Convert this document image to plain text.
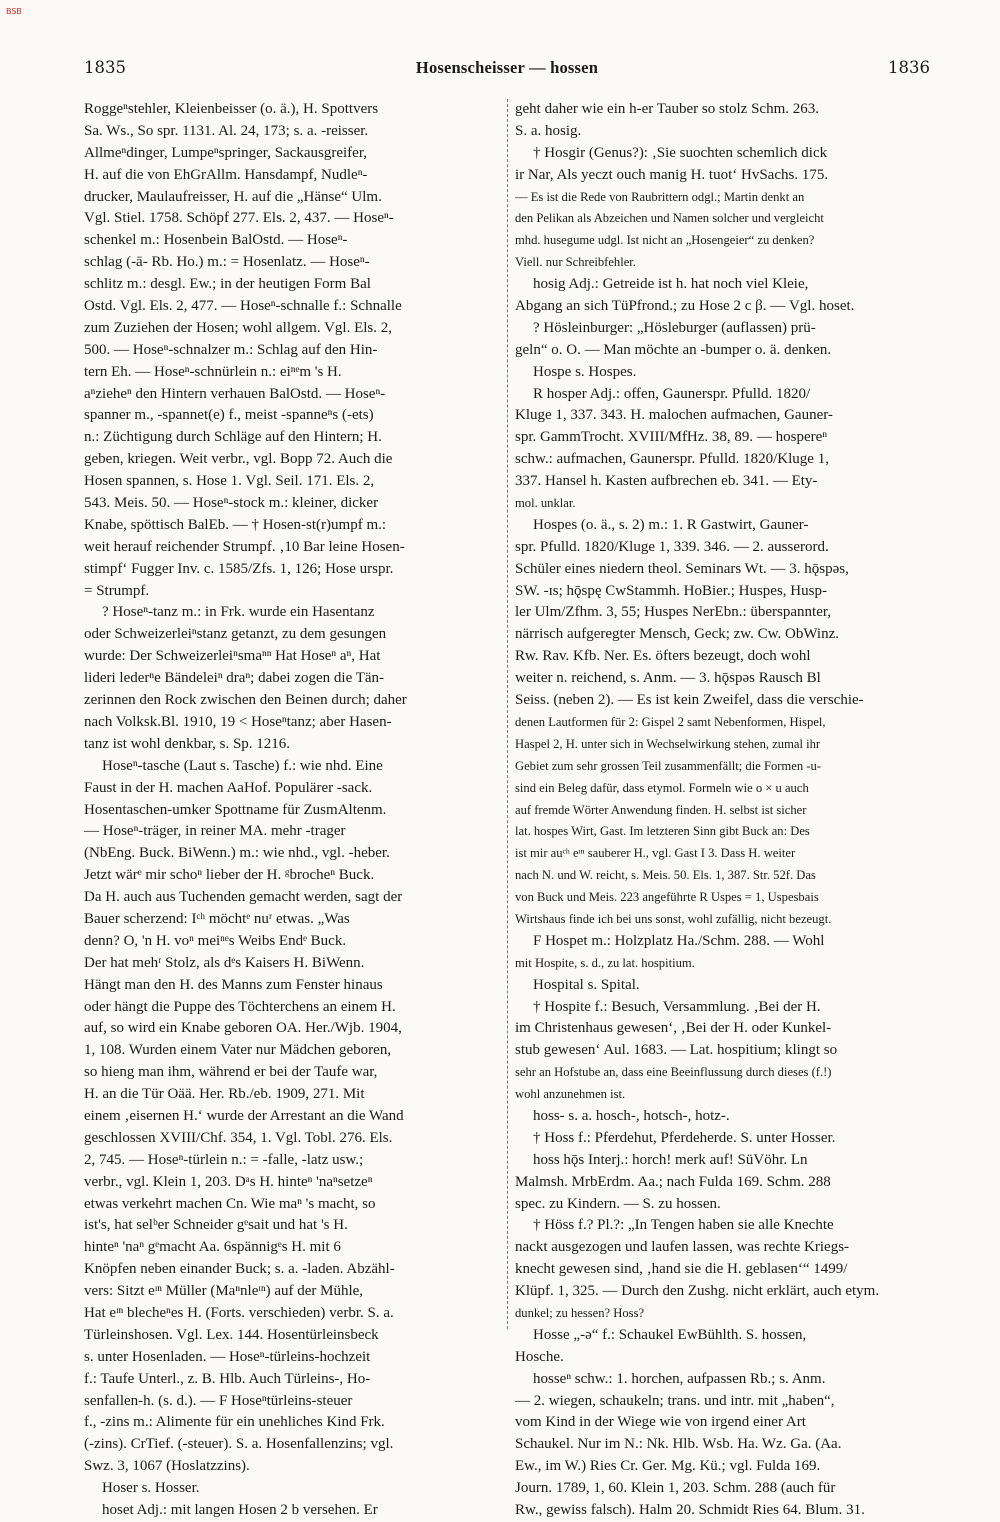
BSB
1835	Hosenscheisser — hossen	1836
Roggeⁿstehler, Kleienbeisser (o. ä.), H. Spottvers
Sa. Ws., So spr. 1131. Al. 24, 173; s. a. -reisser.
Allmeⁿdinger, Lumpeⁿspringer, Sackausgreifer,
H. auf die von EhGrAllm. Hansdampf, Nudleⁿ-
drucker, Maulaufreisser, H. auf die „Hänse“ Ulm.
Vgl. Stiel. 1758. Schöpf 277. Els. 2, 437. — Hoseⁿ-
schenkel m.: Hosenbein BalOstd. — Hoseⁿ-
schlag (-ā- Rb. Ho.) m.: = Hosenlatz. — Hoseⁿ-
schlitz m.: desgl. Ew.; in der heutigen Form Bal
Ostd. Vgl. Els. 2, 477. — Hoseⁿ-schnalle f.: Schnalle
zum Zuziehen der Hosen; wohl allgem. Vgl. Els. 2,
500. — Hoseⁿ-schnalzer m.: Schlag auf den Hin-
tern Eh. — Hoseⁿ-schnürlein n.: eiⁿᵉm 's H.
aⁿzieheⁿ den Hintern verhauen BalOstd. — Hoseⁿ-
spanner m., -spannet(e) f., meist -spanneⁿs (-ets)
n.: Züchtigung durch Schläge auf den Hintern; H.
geben, kriegen. Weit verbr., vgl. Bopp 72. Auch die
Hosen spannen, s. Hose 1. Vgl. Seil. 171. Els. 2,
543. Meis. 50. — Hoseⁿ-stock m.: kleiner, dicker
Knabe, spöttisch BalEb. — † Hosen-st(r)umpf m.:
weit herauf reichender Strumpf. ‚10 Bar leine Hosen-
stimpf‘ Fugger Inv. c. 1585/Zfs. 1, 126; Hose urspr.
= Strumpf.
? Hoseⁿ-tanz m.: in Frk. wurde ein Hasentanz
oder Schweizerleiⁿstanz getanzt, zu dem gesungen
wurde: Der Schweizerleiⁿsmaⁿⁿ Hat Hoseⁿ aⁿ, Hat
lideri lederⁿe Bändeleiⁿ draⁿ; dabei zogen die Tän-
zerinnen den Rock zwischen den Beinen durch; daher
nach Volksk.Bl. 1910, 19 < Hoseⁿtanz; aber Hasen-
tanz ist wohl denkbar, s. Sp. 1216.
Hoseⁿ-tasche (Laut s. Tasche) f.: wie nhd. Eine
Faust in der H. machen AaHof. Populärer -sack.
Hosentaschen-umker Spottname für ZusmAltenm.
— Hoseⁿ-träger, in reiner MA. mehr -trager
(NbEng. Buck. BiWenn.) m.: wie nhd., vgl. -heber.
Jetzt wärᵉ mir schoⁿ lieber der H. ᵍbrocheⁿ Buck.
Da H. auch aus Tuchenden gemacht werden, sagt der
Bauer scherzend: Iᶜʰ möchtᵉ nuʳ etwas. „Was
denn? O, 'n H. voⁿ meiⁿᵉs Weibs Endᵉ Buck.
Der hat mehʳ Stolz, als dᵉs Kaisers H. BiWenn.
Hängt man den H. des Manns zum Fenster hinaus
oder hängt die Puppe des Töchterchens an einem H.
auf, so wird ein Knabe geboren OA. Her./Wjb. 1904,
1, 108. Wurden einem Vater nur Mädchen geboren,
so hieng man ihm, während er bei der Taufe war,
H. an die Tür Oää. Her. Rb./eb. 1909, 271. Mit
einem ‚eisernen H.‘ wurde der Arrestant an die Wand
geschlossen XVIII/Chf. 354, 1. Vgl. Tobl. 276. Els.
2, 745. — Hoseⁿ-türlein n.: = -falle, -latz usw.;
verbr., vgl. Klein 1, 203. Dᵃs H. hinteⁿ 'naⁿsetzeⁿ
etwas verkehrt machen Cn. Wie maⁿ 's macht, so
ist's, hat selᵇer Schneider gᵉsait und hat 's H.
hinteⁿ 'naⁿ gᵉmacht Aa. 6spännigᵉs H. mit 6
Knöpfen neben einander Buck; s. a. -laden. Abzähl-
vers: Sitzt eᶦⁿ Müller (Maⁿnleᶦⁿ) auf der Mühle,
Hat eᶦⁿ blecheⁿes H. (Forts. verschieden) verbr. S. a.
Türleinshosen. Vgl. Lex. 144. Hosentürleinsbeck
s. unter Hosenladen. — Hoseⁿ-türleins-hochzeit
f.: Taufe Unterl., z. B. Hlb. Auch Türleins-, Ho-
senfallen-h. (s. d.). — F Hoseⁿtürleins-steuer
f., -zins m.: Alimente für ein unehliches Kind Frk.
(-zins). CrTief. (-steuer). S. a. Hosenfallenzins; vgl.
Swz. 3, 1067 (Hoslatzzins).
Hoser s. Hosser.
hoset Adj.: mit langen Hosen 2 b versehen. Er
geht daher wie ein h-er Tauber so stolz Schm. 263.
S. a. hosig.
† Hosgir (Genus?): ‚Sie suochten schemlich dick
ir Nar, Als yeczt ouch manig H. tuot‘ HvSachs. 175.
— Es ist die Rede von Raubrittern odgl.; Martin denkt an
den Pelikan als Abzeichen und Namen solcher und vergleicht
mhd. husegume udgl. Ist nicht an „Hosengeier“ zu denken?
Viell. nur Schreibfehler.
hosig Adj.: Getreide ist h. hat noch viel Kleie,
Abgang an sich TüPfrond.; zu Hose 2 c β. — Vgl. hoset.
? Hösleinburger: „Hösleburger (auflassen) prü-
geln“ o. O. — Man möchte an -bumper o. ä. denken.
Hospe s. Hospes.
R hosper Adj.: offen, Gaunerspr. Pfulld. 1820/
Kluge 1, 337. 343. H. malochen aufmachen, Gauner-
spr. GammTrocht. XVIII/MfHz. 38, 89. — hospereⁿ
schw.: aufmachen, Gaunerspr. Pfulld. 1820/Kluge 1,
337. Hansel h. Kasten aufbrechen eb. 341. — Ety-
mol. unklar.
Hospes (o. ä., s. 2) m.: 1. R Gastwirt, Gauner-
spr. Pfulld. 1820/Kluge 1, 339. 346. — 2. ausserord.
Schüler eines niedern theol. Seminars Wt. — 3. hǭspəs,
SW. -ɪs; hǭspę CwStammh. HoBier.; Huspes, Husp-
ler Ulm/Zfhm. 3, 55; Huspes NerEbn.: überspannter,
närrisch aufgeregter Mensch, Geck; zw. Cw. ObWinz.
Rw. Rav. Kfb. Ner. Es. öfters bezeugt, doch wohl
weiter n. reichend, s. Anm. — 3. hǭspəs Rausch Bl
Seiss. (neben 2). — Es ist kein Zweifel, dass die verschie-
denen Lautformen für 2: Gispel 2 samt Nebenformen, Hispel,
Haspel 2, H. unter sich in Wechselwirkung stehen, zumal ihr
Gebiet zum sehr grossen Teil zusammenfällt; die Formen -u-
sind ein Beleg dafür, dass etymol. Formeln wie o × u auch
auf fremde Wörter Anwendung finden. H. selbst ist sicher
lat. hospes Wirt, Gast. Im letzteren Sinn gibt Buck an: Des
ist mir auᶜʰ eᶦⁿ sauberer H., vgl. Gast I 3. Dass H. weiter
nach N. und W. reicht, s. Meis. 50. Els. 1, 387. Str. 52f. Das
von Buck und Meis. 223 angeführte R Uspes = 1, Uspesbais
Wirtshaus finde ich bei uns sonst, wohl zufällig, nicht bezeugt.
F Hospet m.: Holzplatz Ha./Schm. 288. — Wohl
mit Hospite, s. d., zu lat. hospitium.
Hospital s. Spital.
† Hospite f.: Besuch, Versammlung. ‚Bei der H.
im Christenhaus gewesen‘, ‚Bei der H. oder Kunkel-
stub gewesen‘ Aul. 1683. — Lat. hospitium; klingt so
sehr an Hofstube an, dass eine Beeinflussung durch dieses (f.!)
wohl anzunehmen ist.
hoss- s. a. hosch-, hotsch-, hotz-.
† Hoss f.: Pferdehut, Pferdeherde. S. unter Hosser.
hoss hǭs Interj.: horch! merk auf! SüVöhr. Ln
Malmsh. MrbErdm. Aa.; nach Fulda 169. Schm. 288
spec. zu Kindern. — S. zu hossen.
† Höss f.? Pl.?: „In Tengen haben sie alle Knechte
nackt ausgezogen und laufen lassen, was rechte Kriegs-
knecht gewesen sind, ‚hand sie die H. geblasen‘“ 1499/
Klüpf. 1, 325. — Durch den Zushg. nicht erklärt, auch etym.
dunkel; zu hessen? Hoss?
Hosse „-ə“ f.: Schaukel EwBühlth. S. hossen,
Hosche.
hosseⁿ schw.: 1. horchen, aufpassen Rb.; s. Anm.
— 2. wiegen, schaukeln; trans. und intr. mit „haben“,
vom Kind in der Wiege wie von irgend einer Art
Schaukel. Nur im N.: Nk. Hlb. Wsb. Ha. Wz. Ga. (Aa.
Ew., im W.) Ries Cr. Ger. Mg. Kü.; vgl. Fulda 169.
Journ. 1789, 1, 60. Klein 1, 203. Schm. 288 (auch für
Rw., gewiss falsch). Halm 20. Schmidt Ries 64. Blum. 31.
